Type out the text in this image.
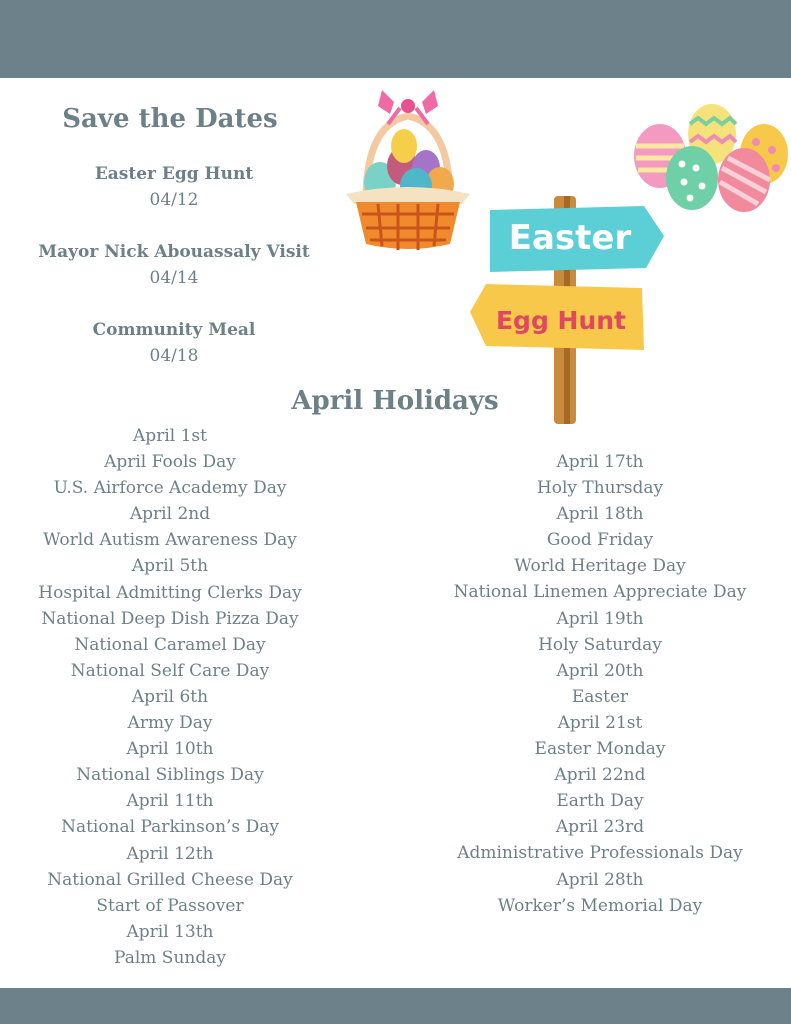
Save the Dates
Easter Egg Hunt
04/12
Mayor Nick Abouassaly Visit
04/14
Community Meal
04/18
Easter
Egg Hunt
April Holidays
April 1st
April Fools Day
U.S. Airforce Academy Day
April 2nd
World Autism Awareness Day
April 5th
Hospital Admitting Clerks Day
National Deep Dish Pizza Day
National Caramel Day
National Self Care Day
April 6th
Army Day
April 10th
National Siblings Day
April 11th
National Parkinson’s Day
April 12th
National Grilled Cheese Day
Start of Passover
April 13th
Palm Sunday
April 17th
Holy Thursday
April 18th
Good Friday
World Heritage Day
National Linemen Appreciate Day
April 19th
Holy Saturday
April 20th
Easter
April 21st
Easter Monday
April 22nd
Earth Day
April 23rd
Administrative Professionals Day
April 28th
Worker’s Memorial Day
